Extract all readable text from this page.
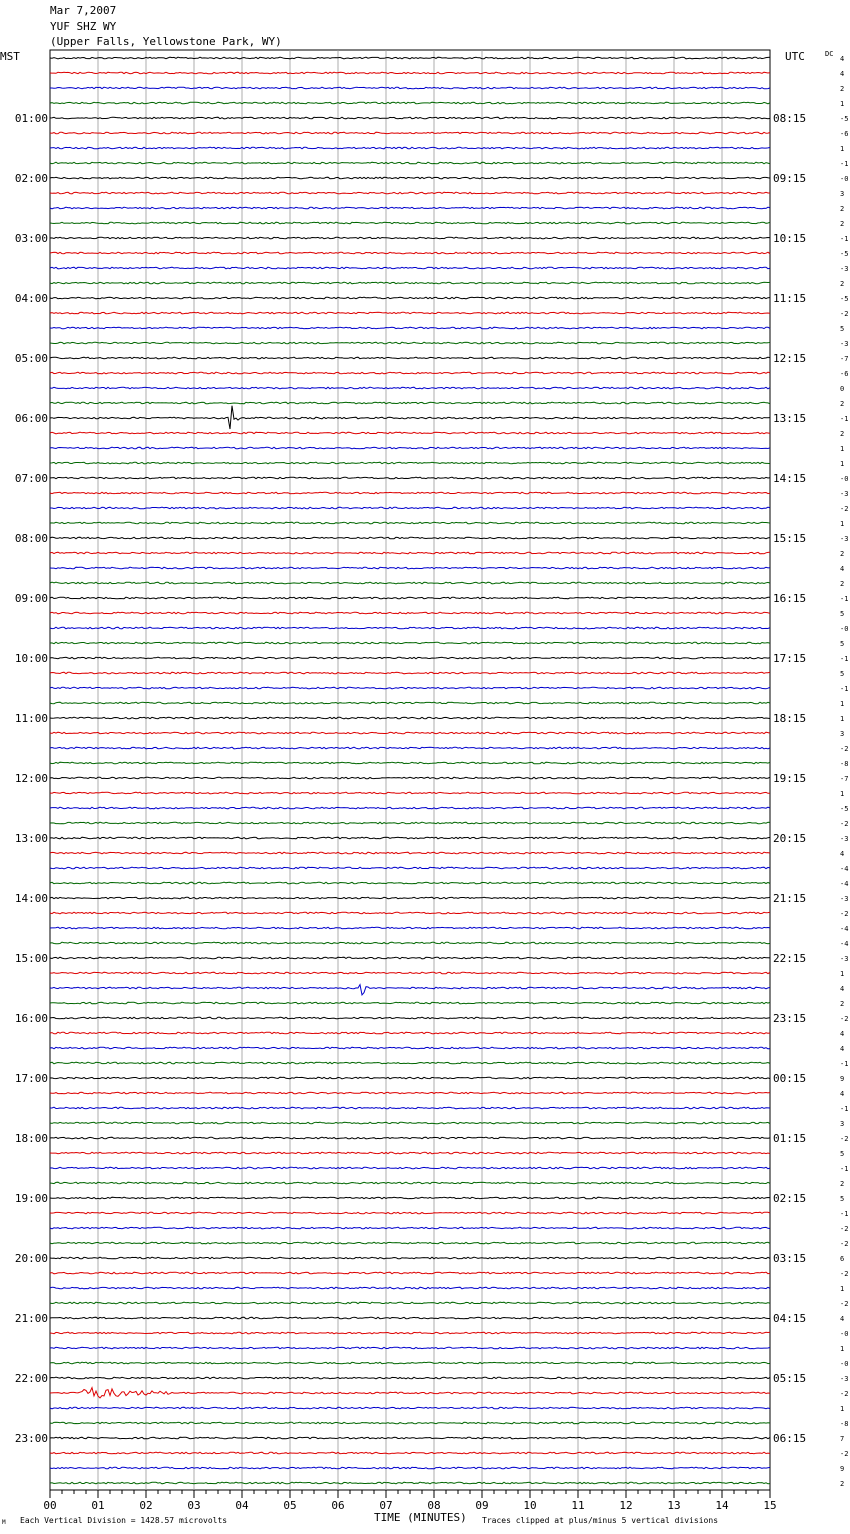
Mar 7,2007
YUF SHZ WY
(Upper Falls, Yellowstone Park, WY)
MST	UTC	DC
4
4
2
1
-5
-6
1
-1
-0
3
2
2
-1
-5
-3
2
-5
-2
5
-3
-7
-6
0
2
-1
2
1
1
-0
-3
-2
1
-3
2
4
2
-1
5
-0
5
-1
5
-1
1
1
3
-2
-8
-7
1
-5
-2
-3
4
-4
-4
-3
-2
-4
-4
-3
1
4
2
-2
4
4
-1
9
4
-1
3
-2
5
-1
2
5
-1
-2
-2
6
-2
1
-2
4
-0
1
-0
-3
-2
1
-8
7
-2
9
2
01:00	08:15
02:00	09:15
03:00	10:15
04:00	11:15
05:00	12:15
06:00	13:15
07:00	14:15
08:00	15:15
09:00	16:15
10:00	17:15
11:00	18:15
12:00	19:15
13:00	20:15
14:00	21:15
15:00	22:15
16:00	23:15
17:00	00:15
18:00	01:15
19:00	02:15
20:00	03:15
21:00	04:15
22:00	05:15
23:00	06:15
00	01	02	03	04	05	06	07	08	09	10	11	12	13	14	15
TIME (MINUTES)
Each Vertical Division = 1428.57 microvolts	Traces clipped at plus/minus 5 vertical divisions
M
